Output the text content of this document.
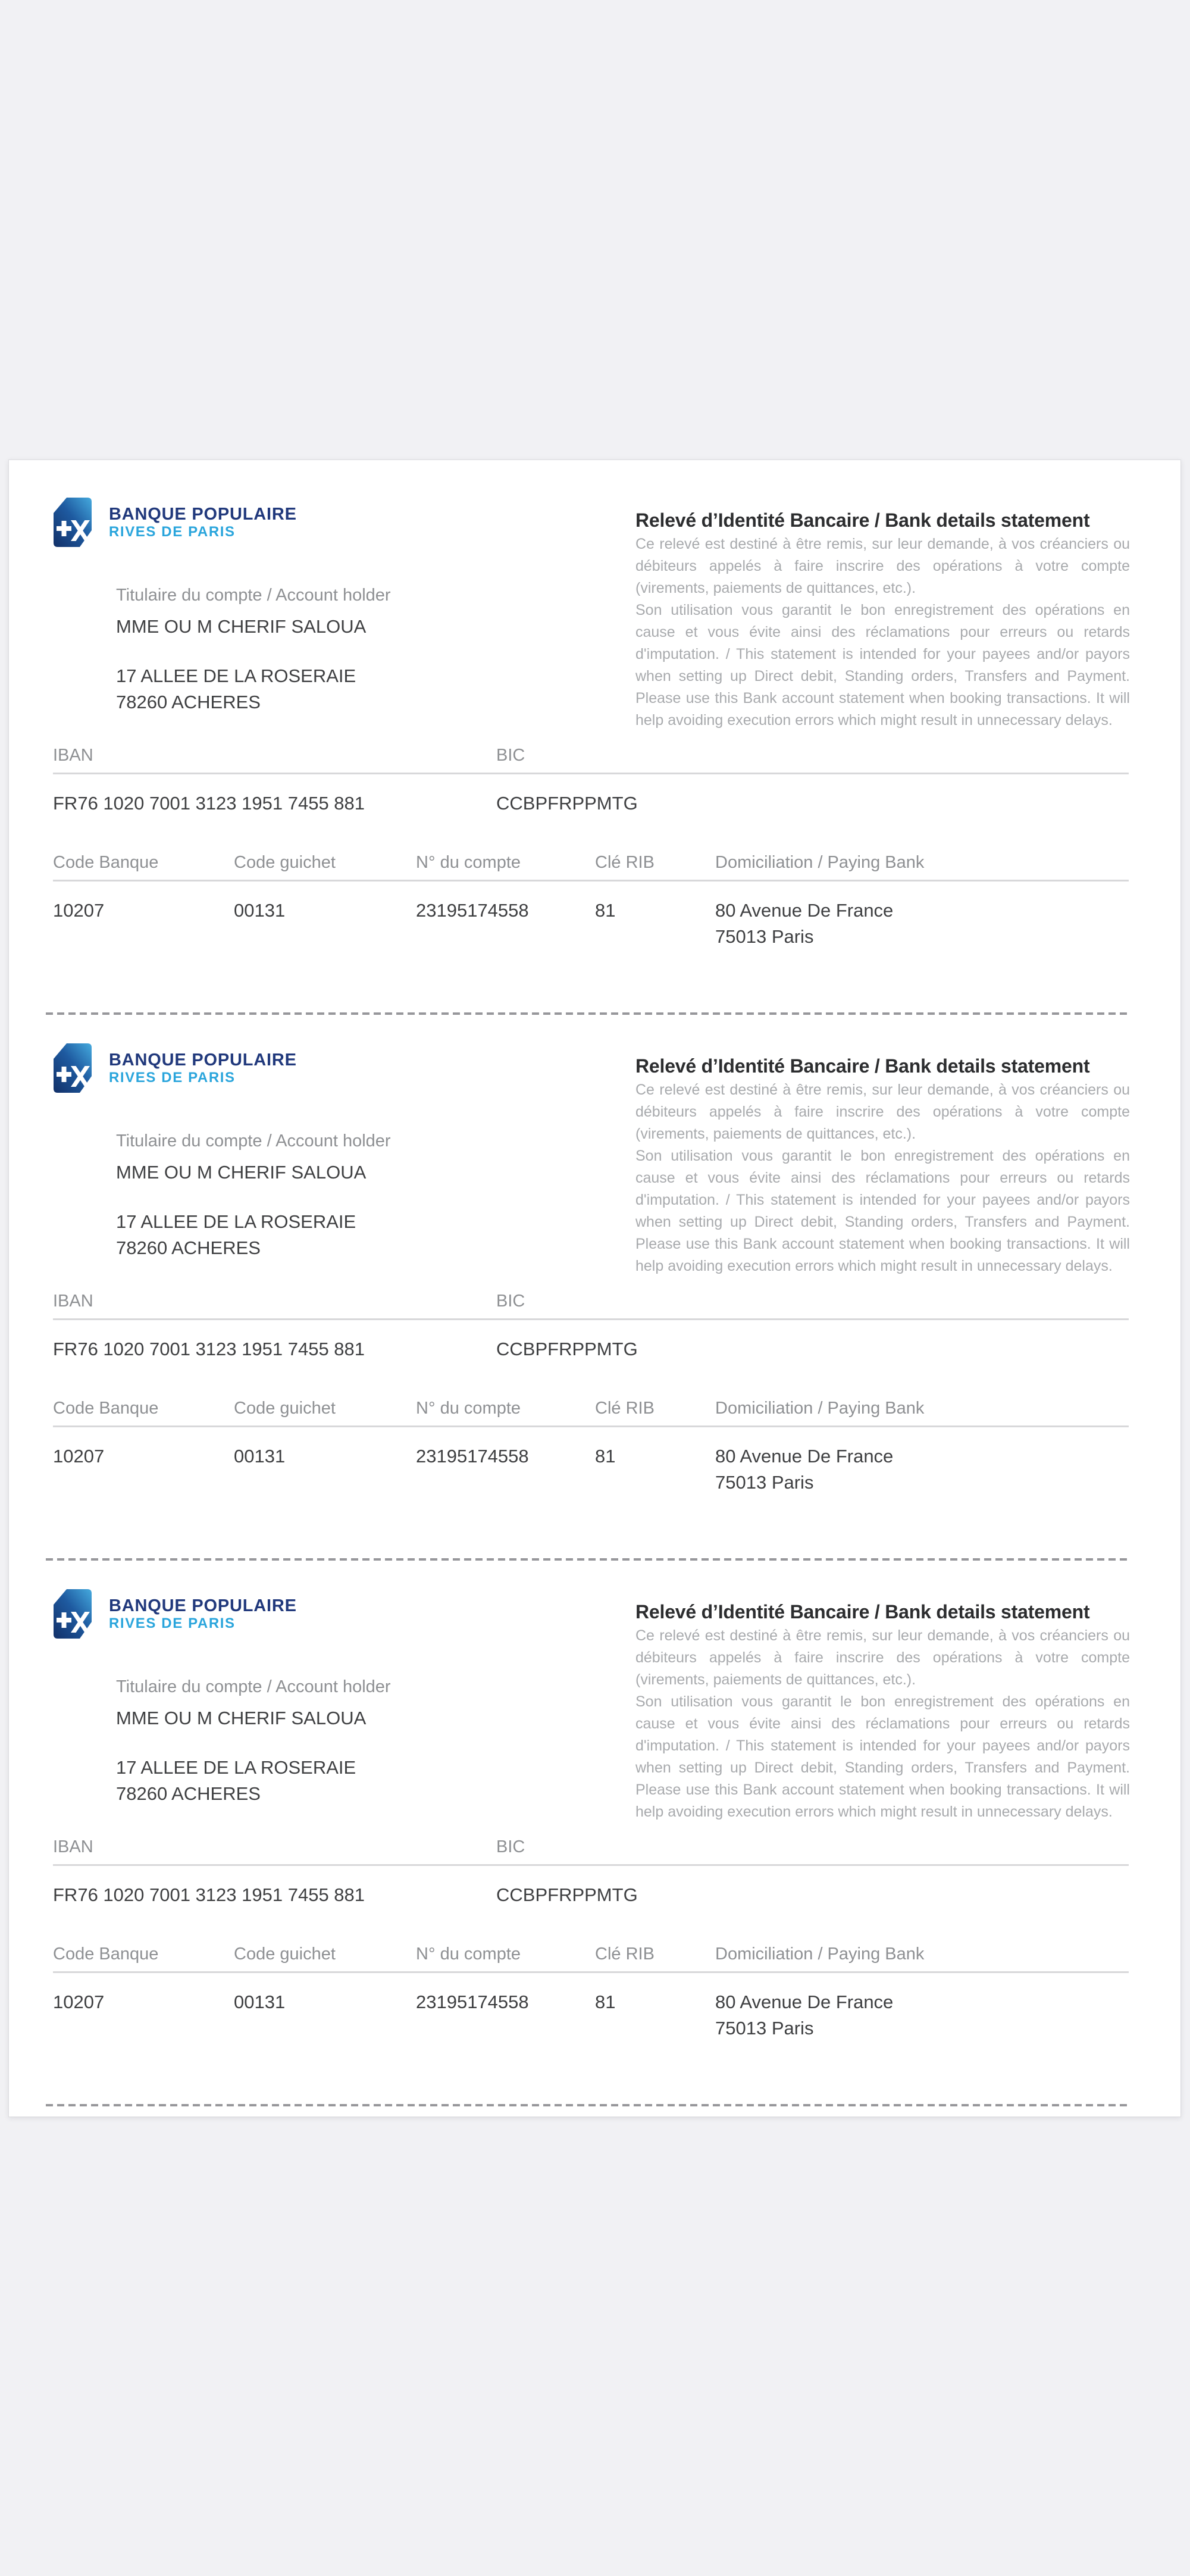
BANQUE POPULAIRE
RIVES DE PARIS
Titulaire du compte / Account holder
MME OU M CHERIF SALOUA
17 ALLEE DE LA ROSERAIE
78260 ACHERES
Relevé d’Identité Bancaire / Bank details statement

Ce relevé est destiné à être remis, sur leur demande, à vos créanciers ou débiteurs appelés à faire inscrire des opérations à votre compte (virements, paiements de quittances, etc.).

Son utilisation vous garantit le bon enregistrement des opérations en cause et vous évite ainsi des réclamations pour erreurs ou retards d'imputation. / This statement is intended for your payees and/or payors when setting up Direct debit, Standing orders, Transfers and Payment. Please use this Bank account statement when booking transactions. It will help avoiding execution errors which might result in unnecessary delays.

IBAN	BIC
FR76 1020 7001 3123 1951 7455 881	CCBPFRPPMTG
Code Banque	Code guichet	N° du compte	Clé RIB	Domiciliation / Paying Bank
10207	00131	23195174558	81	80 Avenue De France
75013 Paris
BANQUE POPULAIRE
RIVES DE PARIS
Titulaire du compte / Account holder
MME OU M CHERIF SALOUA
17 ALLEE DE LA ROSERAIE
78260 ACHERES
Relevé d’Identité Bancaire / Bank details statement

Ce relevé est destiné à être remis, sur leur demande, à vos créanciers ou débiteurs appelés à faire inscrire des opérations à votre compte (virements, paiements de quittances, etc.).

Son utilisation vous garantit le bon enregistrement des opérations en cause et vous évite ainsi des réclamations pour erreurs ou retards d'imputation. / This statement is intended for your payees and/or payors when setting up Direct debit, Standing orders, Transfers and Payment. Please use this Bank account statement when booking transactions. It will help avoiding execution errors which might result in unnecessary delays.

IBAN	BIC
FR76 1020 7001 3123 1951 7455 881	CCBPFRPPMTG
Code Banque	Code guichet	N° du compte	Clé RIB	Domiciliation / Paying Bank
10207	00131	23195174558	81	80 Avenue De France
75013 Paris
BANQUE POPULAIRE
RIVES DE PARIS
Titulaire du compte / Account holder
MME OU M CHERIF SALOUA
17 ALLEE DE LA ROSERAIE
78260 ACHERES
Relevé d’Identité Bancaire / Bank details statement

Ce relevé est destiné à être remis, sur leur demande, à vos créanciers ou débiteurs appelés à faire inscrire des opérations à votre compte (virements, paiements de quittances, etc.).

Son utilisation vous garantit le bon enregistrement des opérations en cause et vous évite ainsi des réclamations pour erreurs ou retards d'imputation. / This statement is intended for your payees and/or payors when setting up Direct debit, Standing orders, Transfers and Payment. Please use this Bank account statement when booking transactions. It will help avoiding execution errors which might result in unnecessary delays.

IBAN	BIC
FR76 1020 7001 3123 1951 7455 881	CCBPFRPPMTG
Code Banque	Code guichet	N° du compte	Clé RIB	Domiciliation / Paying Bank
10207	00131	23195174558	81	80 Avenue De France
75013 Paris
